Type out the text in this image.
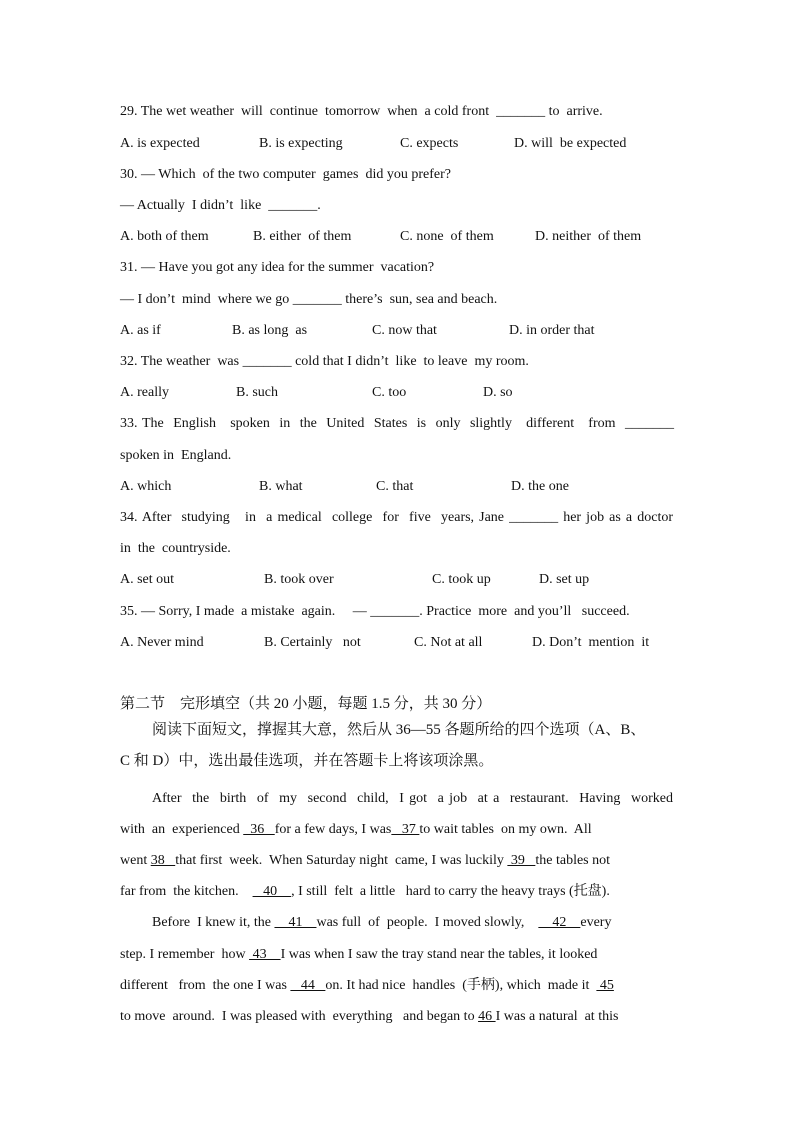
29. The wet weather  will  continue  tomorrow  when  a cold front  _______ to  arrive.
A. is expected	B. is expecting	C. expects	D. will  be expected
30. — Which  of the two computer  games  did you prefer?
— Actually  I didn’t  like  _______.
A. both of them	B. either  of them	C. none  of them	D. neither  of them
31. — Have you got any idea for the summer  vacation?
— I don’t  mind  where we go _______ there’s  sun, sea and beach.
A. as if	B. as long  as	C. now that	D. in order that
32. The weather  was _______ cold that I didn’t  like  to leave  my room.
A. really	B. such	C. too	D. so
33. The  English   spoken  in  the  United  States  is  only  slightly   different   from  _______
spoken in  England.
A. which	B. what	C. that	D. the one
34. After  studying   in  a medical  college  for  five  years, Jane _______ her job as a doctor
in  the  countryside.
A. set out	B. took over	C. took up	D. set up
35. — Sorry, I made  a mistake  again.     — _______. Practice  more  and you’ll   succeed.
A. Never mind	B. Certainly   not	C. Not at all	D. Don’t  mention  it
第二节    完形填空（共 20 小题，每题 1.5 分，共 30 分）
阅读下面短文，撑握其大意，然后从 36—55 各题所给的四个选项（A、B、
C 和 D）中，选出最佳选项，并在答题卡上将该项涂黑。
After  the  birth  of  my  second  child,  I got  a job  at a  restaurant.  Having  worked
with  an  experienced   36   for a few days, I was   37 to wait tables  on my own.  All
went 38   that first  week.  When Saturday night  came, I was luckily  39   the tables not
far from  the kitchen.       40    , I still  felt  a little   hard to carry the heavy trays (托盘).
Before  I knew it, the     41    was full  of  people.  I moved slowly,        42    every
step. I remember  how  43    I was when I saw the tray stand near the tables, it looked
different   from  the one I was    44   on. It had nice  handles  (手柄), which  made it   45
to move  around.  I was pleased with  everything   and began to 46 I was a natural  at this
